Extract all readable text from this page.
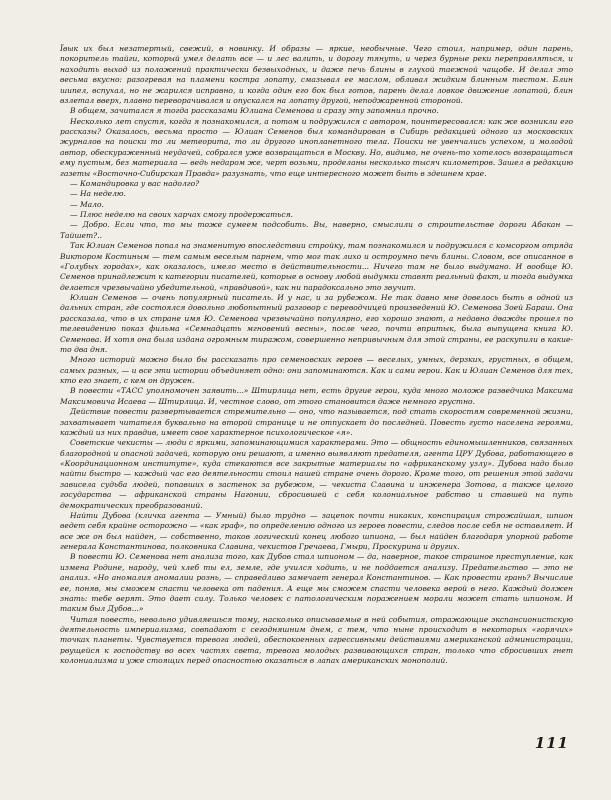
Ївык их был незатертый, свежий, в новинку. И образы — яркие, необычные. Чего стоил, например, один парень, покоритель тайги, который умел делать все — и лес валить, и дорогу тянуть, и через бурные реки переправляться, и находить выход из положений практически безвыходных, и даже печь блины в глухой таежной чащобе. И делал это весьма вкусно: разогревая на пламени костра лопату, смазывал ее маслом, обливал жидким блинным тестом. Блин шипел, вспухал, но не жарился исправно, и когда один его бок был готов, парень делал ловкое движение лопатой, блин взлетал вверх, плавно переворачивался и опускался на лопату другой, неподжаренной стороной.

В общем, зачитался я тогда рассказами Юлиана Семенова и сразу эту запомнил прочно.

Несколько лет спустя, когда я познакомился, а потом и подружился с автором, поинтересовался: как же возникли его рассказы? Оказалось, весьма просто — Юлиан Семенов был командирован в Сибирь редакцией одного из московских журналов на поиски то ли метеорита, то ли другого инопланетного тела. Поиски не увенчались успехом, и молодой автор, обескураженный неудачей, собрался уже возвращаться в Москву. Но, видимо, не очень-то хотелось возвращаться ему пустым, без материала — ведь недаром же, черт возьми, проделаны несколько тысяч километров. Зашел в редакцию газеты «Восточно-Сибирская Правда» разузнать, что еще интересного может быть в здешнем крае.

— Командировка у вас надолго?

— На неделю.

— Мало.

— Плюс неделю на своих харчах смогу продержаться.

— Добро. Если что, то мы тоже сумеем подсобить. Вы, наверно, смыслили о строительстве дороги Абакан — Тайшет?..

Так Юлиан Семенов попал на знаменитую впоследствии стройку, там познакомился и подружился с комсоргом отряда Виктором Костиным — тем самым веселым парнем, что мог так лихо и остроумно печь блины. Словом, все описанное в «Голубых городах», как оказалось, имело место в действительности... Ничего там не было выдумано. И вообще Ю. Семенов принадлежит к категории писателей, которые в основу любой выдумки ставят реальный факт, и тогда выдумка делается чрезвычайно убедительной, «правдивой», как ни парадоксально это звучит.

Юлиан Семенов — очень популярный писатель. И у нас, и за рубежом. Не так давно мне довелось быть в одной из дальних стран, где состоялся довольно любопытный разговор с переводчицей произведений Ю. Семенова Зоей Бараш. Она рассказала, что в их стране имя Ю. Семенова чрезвычайно популярно, его хорошо знают, а недавно дважды прошел по телевидению показ фильма «Семнадцать мгновений весны», после чего, почти впритык, была выпущена книга Ю. Семенова. И хотя она была издана огромным тиражом, совершенно непривычным для этой страны, ее раскупили в какие-то два дня.

Много историй можно было бы рассказать про семеновских героев — веселых, умных, дерзких, грустных, в общем, самых разных, — и все эти истории объединяет одно: они запоминаются. Как и сами герои. Как и Юлиан Семенов для тех, кто его знает, с кем он дружен.

В повести «ТАСС уполномочен заявить...» Штирлица нет, есть другие герои, куда много моложе разведчика Максима Максимовича Исаева — Штирлица. И, честное слово, от этого становится даже немного грустно.

Действие повести развертывается стремительно — оно, что называется, под стать скоростям современной жизни, захватывает читателя буквально на второй странице и не отпускает до последней. Повесть густо населена героями, каждый из них правдив, имеет свое характерное психологическое «я».

Советские чекисты — люди с яркими, запоминающимися характерами. Это — общность единомышленников, связанных благородной и опасной задачей, которую они решают, а именно выявляют предателя, агента ЦРУ Дубова, работающего в «Координационном институте», куда стекаются все закрытые материалы по «африканскому узлу». Дубова надо было найти быстро — каждый час его деятельности стоил нашей стране очень дорого. Кроме того, от решения этой задачи зависела судьба людей, попавших в застенок за рубежом, — чекиста Славина и инженера Зотова, а также целого государства — африканской страны Нагонии, сбросившей с себя колониальное рабство и ставшей на путь демократических преобразований.

Найти Дубова (кличка агента — Умный) было трудно — зацепок почти никаких, конспирация строжайшая, шпион ведет себя крайне осторожно — «как граф», по определению одного из героев повести, следов после себя не оставляет. И все же он был найден, — собственно, таков логический конец любого шпиона, — был найден благодаря упорной работе генерала Константинова, полковника Славина, чекистов Гречаева, Гмыри, Проскурина и других.

В повести Ю. Семенова нет анализа того, как Дубов стал шпионом — да, наверное, такое страшное преступление, как измена Родине, народу, чей хлеб ты ел, земле, где учился ходить, и не поддается анализу. Предательство — это не анализ. «Но аномалия аномалии рознь, — справедливо замечает генерал Константинов. — Как провести грань? Вычислие ее, поняв, мы сможем спасти человека от падения. А еще мы сможем спасти человека верой в него. Каждый должен знать: тебе верят. Это дает силу. Только человек с патологическим поражением морали может стать шпионом. И таким был Дубов...»

Читая повесть, невольно удивляешься тому, насколько описываемые в ней события, отражающие экспансионистскую деятельность империализма, совпадают с сегодняшним днем, с тем, что ныне происходит в некоторых «горячих» точках планеты. Чувствуется тревога людей, обеспокоенных агрессивными действиями американской администрации, рвущейся к господству во всех частях света, тревога молодых развивающихся стран, только что сбросивших гнет колониализма и уже стоящих перед опасностью оказаться в лапах американских монополий.

111
